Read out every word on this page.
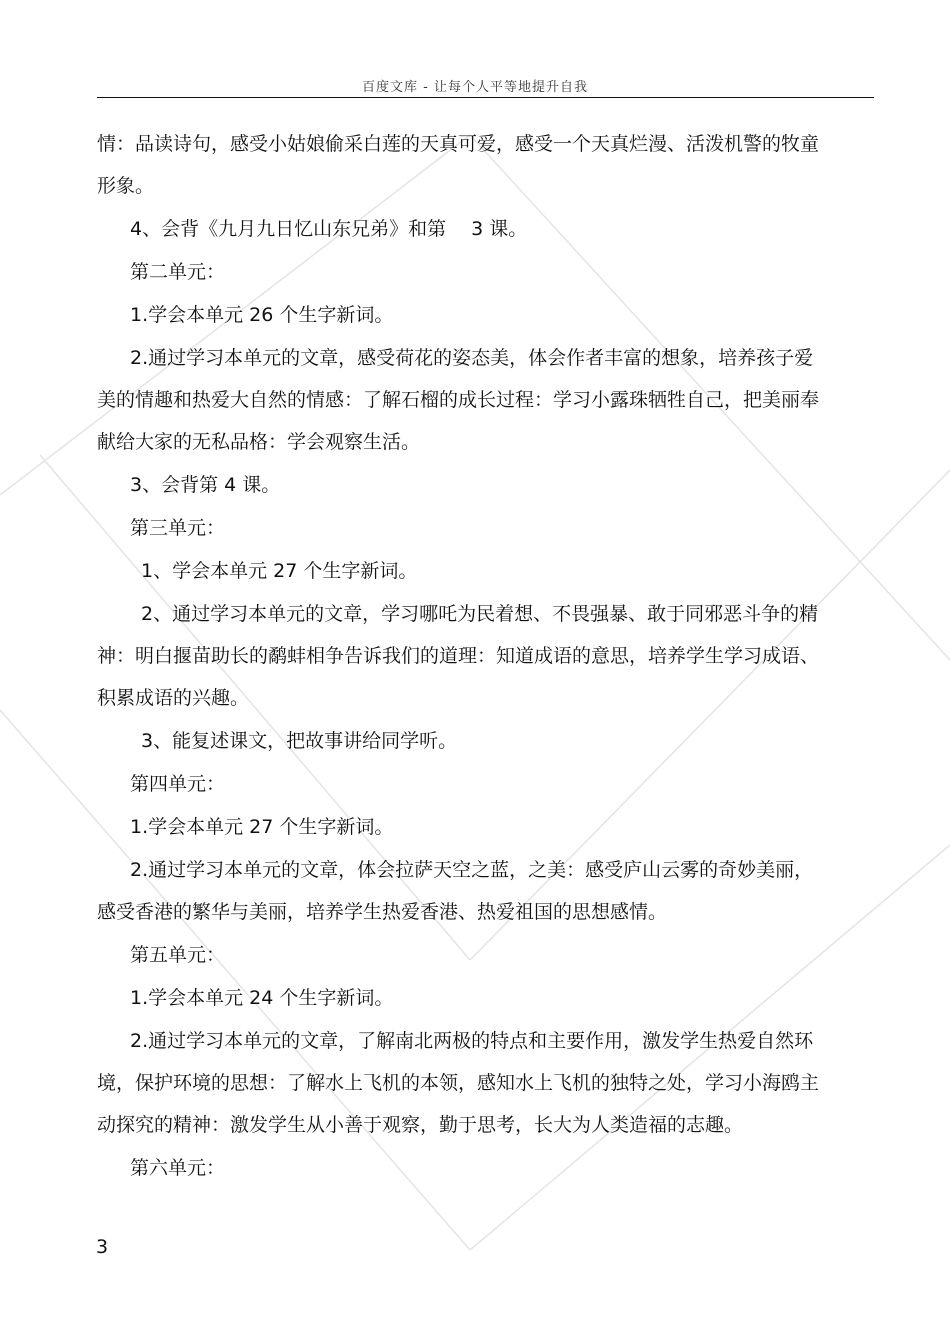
百度文库 - 让每个人平等地提升自我

情：品读诗句，感受小姑娘偷采白莲的天真可爱，感受一个天真烂漫、活泼机警的牧童形象。

4、会背《九月九日忆山东兄弟》和第　 3 课。

第二单元：

1.学会本单元 26 个生字新词。

2.通过学习本单元的文章，感受荷花的姿态美，体会作者丰富的想象，培养孩子爱美的情趣和热爱大自然的情感：了解石榴的成长过程：学习小露珠牺牲自己，把美丽奉献给大家的无私品格：学会观察生活。

3、会背第 4 课。

第三单元：

1、学会本单元 27 个生字新词。

2、通过学习本单元的文章，学习哪吒为民着想、不畏强暴、敢于同邪恶斗争的精神：明白揠苗助长的鹬蚌相争告诉我们的道理：知道成语的意思，培养学生学习成语、积累成语的兴趣。

3、能复述课文，把故事讲给同学听。

第四单元：

1.学会本单元 27 个生字新词。

2.通过学习本单元的文章，体会拉萨天空之蓝，之美：感受庐山云雾的奇妙美丽，感受香港的繁华与美丽，培养学生热爱香港、热爱祖国的思想感情。

第五单元：

1.学会本单元 24 个生字新词。

2.通过学习本单元的文章，了解南北两极的特点和主要作用，激发学生热爱自然环境，保护环境的思想：了解水上飞机的本领，感知水上飞机的独特之处，学习小海鸥主动探究的精神：激发学生从小善于观察，勤于思考，长大为人类造福的志趣。

第六单元：

3
